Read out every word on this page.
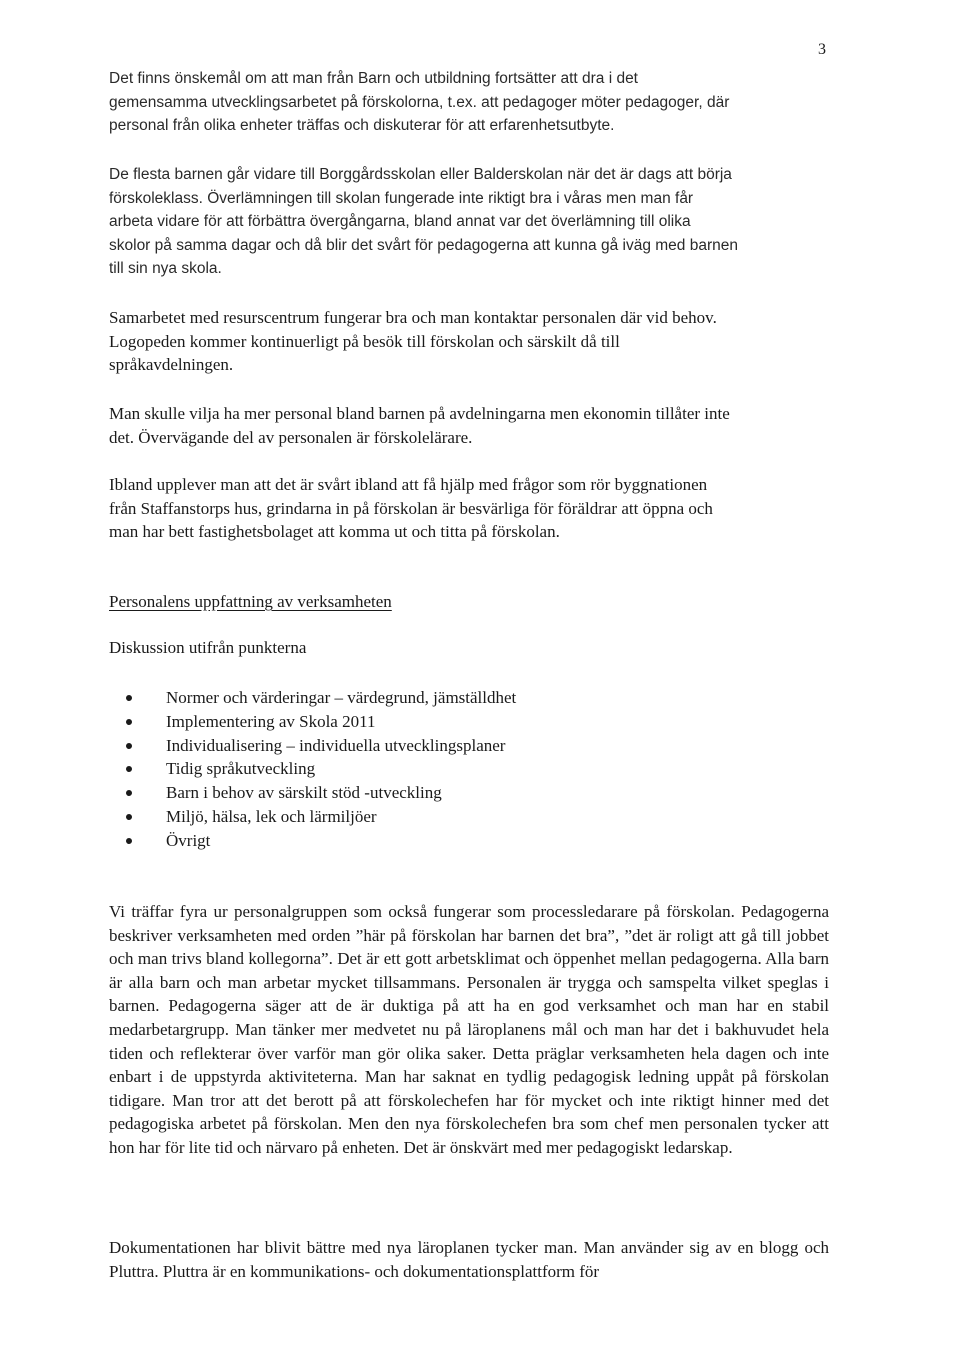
3

Det finns önskemål om att man från Barn och utbildning fortsätter att dra i det
gemensamma utvecklingsarbetet på förskolorna, t.ex. att pedagoger möter pedagoger, där
personal från olika enheter träffas och diskuterar för att erfarenhetsutbyte.

De flesta barnen går vidare till Borggårdsskolan eller Balderskolan när det är dags att börja
förskoleklass. Överlämningen till skolan fungerade inte riktigt bra i våras men man får
arbeta vidare för att förbättra övergångarna, bland annat var det överlämning till olika
skolor på samma dagar och då blir det svårt för pedagogerna att kunna gå iväg med barnen
till sin nya skola.

Samarbetet med resurscentrum fungerar bra och man kontaktar personalen där vid behov.
Logopeden kommer kontinuerligt på besök till förskolan och särskilt då till
språkavdelningen.

Man skulle vilja ha mer personal bland barnen på avdelningarna men ekonomin tillåter inte
det. Övervägande del av personalen är förskolelärare.

Ibland upplever man att det är svårt ibland att få hjälp med frågor som rör byggnationen
från Staffanstorps hus, grindarna in på förskolan är besvärliga för föräldrar att öppna och
man har bett fastighetsbolaget att komma ut och titta på förskolan.

Personalens uppfattning av verksamheten

Diskussion utifrån punkterna

Normer och värderingar – värdegrund, jämställdhet
Implementering av Skola 2011
Individualisering – individuella utvecklingsplaner
Tidig språkutveckling
Barn i behov av särskilt stöd -utveckling
Miljö, hälsa, lek och lärmiljöer
Övrigt

Vi träffar fyra ur personalgruppen som också fungerar som processledarare på förskolan. Pedagogerna beskriver verksamheten med orden ”här på förskolan har barnen det bra”, ”det är roligt att gå till jobbet och man trivs bland kollegorna”. Det är ett gott arbetsklimat och öppenhet mellan pedagogerna. Alla barn är alla barn och man arbetar mycket tillsammans. Personalen är trygga och samspelta vilket speglas i barnen. Pedagogerna säger att de är duktiga på att ha en god verksamhet och man har en stabil medarbetargrupp. Man tänker mer medvetet nu på läroplanens mål och man har det i bakhuvudet hela tiden och reflekterar över varför man gör olika saker. Detta präglar verksamheten hela dagen och inte enbart i de uppstyrda aktiviteterna. Man har saknat en tydlig pedagogisk ledning uppåt på förskolan tidigare. Man tror att det berott på att förskolechefen har för mycket och inte riktigt hinner med det pedagogiska arbetet på förskolan. Men den nya förskolechefen bra som chef men personalen tycker att hon har för lite tid och närvaro på enheten. Det är önskvärt med mer pedagogiskt ledarskap.

Dokumentationen har blivit bättre med nya läroplanen tycker man. Man använder sig av en blogg och Pluttra. Pluttra är en kommunikations- och dokumentationsplattform för
